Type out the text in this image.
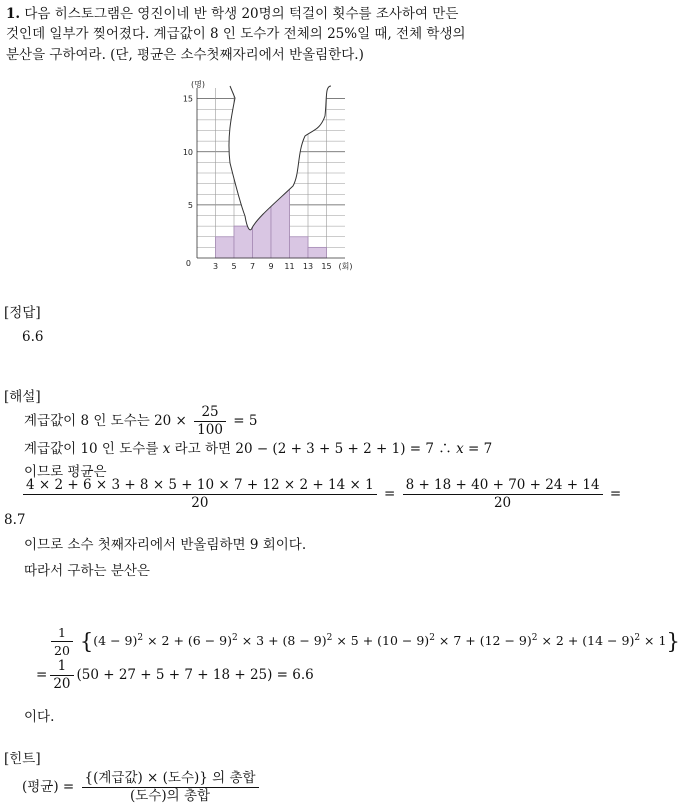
1. 다음 히스토그램은 영진이네 반 학생 20명의 턱걸이 횟수를 조사하여 만든
것인데 일부가 찢어졌다. 계급값이 8 인 도수가 전체의 25%일 때, 전체 학생의
분산을 구하여라. (단, 평균은 소수첫째자리에서 반올림한다.)
3 5 7 9 11 13 15
5
10
15
0
(명)
(회)
[정답]
6.6
[해설]
계급값이 8 인 도수는 $20 \times \frac{25}{100} = 5$
계급값이 10 인 도수를 x 라고 하면 20 − (2 + 3 + 5 + 2 + 1) = 7 ∴ x = 7
이므로 평균은
$\frac{4 \times 2 + 6 \times 3 + 8 \times 5 + 10 \times 7 + 12 \times 2 + 14 \times 1}{20} = \frac{8 + 18 + 40 + 70 + 24 + 14}{20}$ =
8.7
이므로 소수 첫째자리에서 반올림하면 9 회이다.
따라서 구하는 분산은
$\frac{1}{20} \{(4 - 9)^2 \times 2 + (6 - 9)^2 \times 3 + (8 - 9)^2 \times 5 + (10 - 9)^2 \times 7 + (12 - 9)^2 \times 2 + (14 - 9)^2 \times 1\}$
= $\frac{1}{20} (50 + 27 + 5 + 7 + 18 + 25) = 6.6$
이다.
[힌트]
(평균) = $\frac{\text{\{(계급값) × (도수)\} 의 총합}}{\text{(도수)의 총합}}$
